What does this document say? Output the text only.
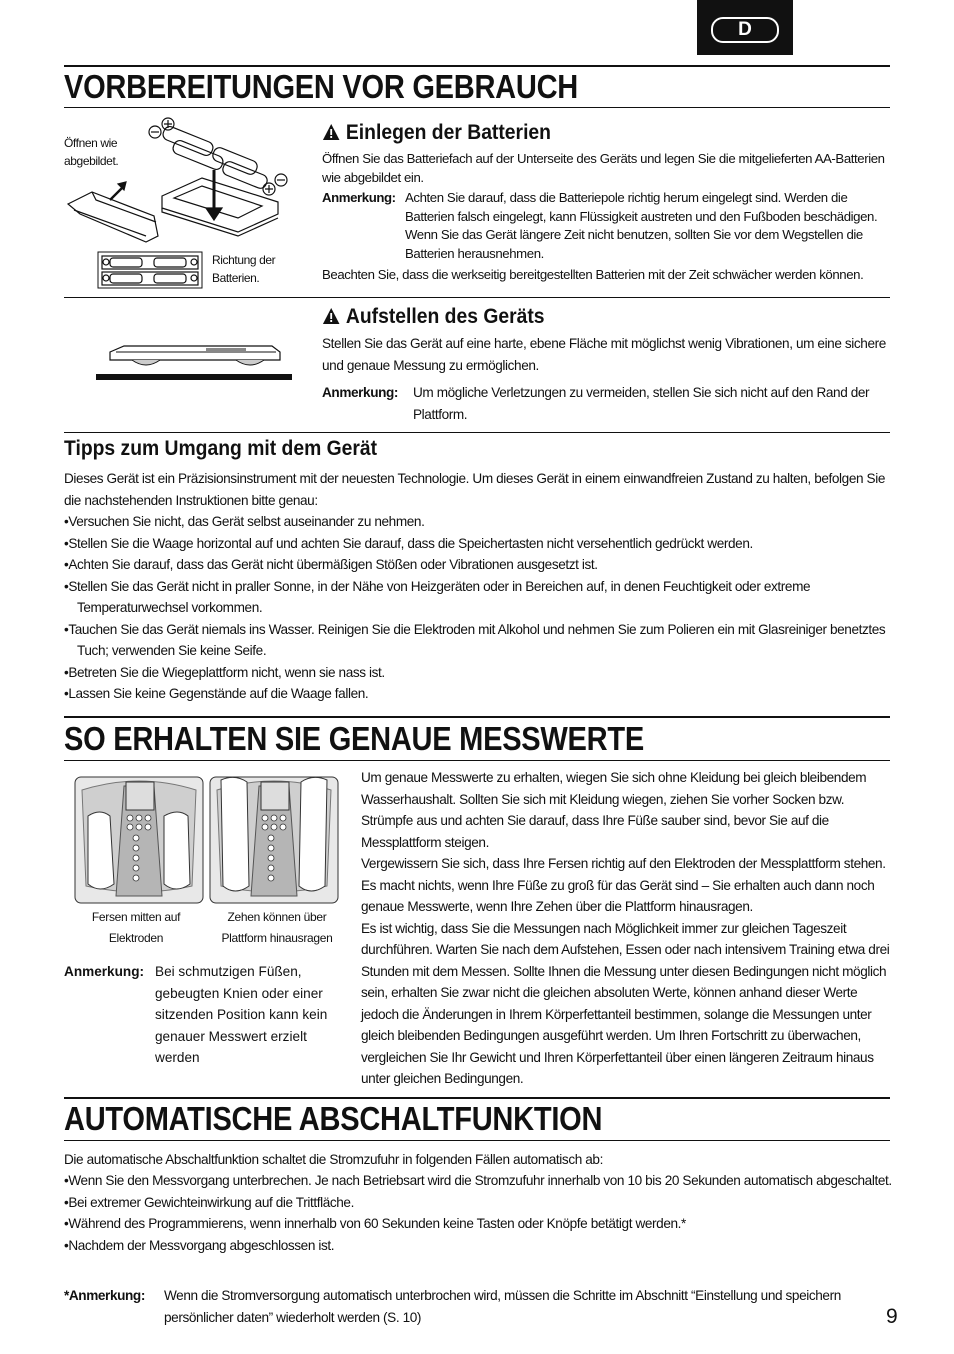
D
VORBEREITUNGEN VOR GEBRAUCH
Öffnen wie abgebildet.
Richtung der Batterien.
Einlegen der Batterien
Öffnen Sie das Batteriefach auf der Unterseite des Geräts und legen Sie die mitgelieferten AA-Batterien wie abgebildet ein.
Anmerkung: Achten Sie darauf, dass die Batteriepole richtig herum eingelegt sind. Werden die Batterien falsch eingelegt, kann Flüssigkeit austreten und den Fußboden beschädigen. Wenn Sie das Gerät längere Zeit nicht benutzen, sollten Sie vor dem Wegstellen die Batterien herausnehmen.
Beachten Sie, dass die werkseitig bereitgestellten Batterien mit der Zeit schwächer werden können.
Aufstellen des Geräts
Stellen Sie das Gerät auf eine harte, ebene Fläche mit möglichst wenig Vibrationen, um eine sichere und genaue Messung zu ermöglichen.
Anmerkung: Um mögliche Verletzungen zu vermeiden, stellen Sie sich nicht auf den Rand der Plattform.
Tipps zum Umgang mit dem Gerät
Dieses Gerät ist ein Präzisionsinstrument mit der neuesten Technologie. Um dieses Gerät in einem einwandfreien Zustand zu halten, befolgen Sie die nachstehenden Instruktionen bitte genau:
• Versuchen Sie nicht, das Gerät selbst auseinander zu nehmen.
• Stellen Sie die Waage horizontal auf und achten Sie darauf, dass die Speichertasten nicht versehentlich gedrückt werden.
• Achten Sie darauf, dass das Gerät nicht übermäßigen Stößen oder Vibrationen ausgesetzt ist.
• Stellen Sie das Gerät nicht in praller Sonne, in der Nähe von Heizgeräten oder in Bereichen auf, in denen Feuchtigkeit oder extreme Temperaturwechsel vorkommen.
• Tauchen Sie das Gerät niemals ins Wasser. Reinigen Sie die Elektroden mit Alkohol und nehmen Sie zum Polieren ein mit Glasreiniger benetztes Tuch; verwenden Sie keine Seife.
• Betreten Sie die Wiegeplattform nicht, wenn sie nass ist.
• Lassen Sie keine Gegenstände auf die Waage fallen.
SO ERHALTEN SIE GENAUE MESSWERTE
Fersen mitten auf Elektroden
Zehen können über Plattform hinausragen
Anmerkung: Bei schmutzigen Füßen, gebeugten Knien oder einer sitzenden Position kann kein genauer Messwert erzielt werden
Um genaue Messwerte zu erhalten, wiegen Sie sich ohne Kleidung bei gleich bleibendem Wasserhaushalt. Sollten Sie sich mit Kleidung wiegen, ziehen Sie vorher Socken bzw. Strümpfe aus und achten Sie darauf, dass Ihre Füße sauber sind, bevor Sie auf die Messplattform steigen.
Vergewissern Sie sich, dass Ihre Fersen richtig auf den Elektroden der Messplattform stehen. Es macht nichts, wenn Ihre Füße zu groß für das Gerät sind – Sie erhalten auch dann noch genaue Messwerte, wenn Ihre Zehen über die Plattform hinausragen.
Es ist wichtig, dass Sie die Messungen nach Möglichkeit immer zur gleichen Tageszeit durchführen. Warten Sie nach dem Aufstehen, Essen oder nach intensivem Training etwa drei Stunden mit dem Messen. Sollte Ihnen die Messung unter diesen Bedingungen nicht möglich sein, erhalten Sie zwar nicht die gleichen absoluten Werte, können anhand dieser Werte jedoch die Änderungen in Ihrem Körperfettanteil bestimmen, solange die Messungen unter gleich bleibenden Bedingungen ausgeführt werden. Um Ihren Fortschritt zu überwachen, vergleichen Sie Ihr Gewicht und Ihren Körperfettanteil über einen längeren Zeitraum hinaus unter gleichen Bedingungen.
AUTOMATISCHE ABSCHALTFUNKTION
Die automatische Abschaltfunktion schaltet die Stromzufuhr in folgenden Fällen automatisch ab:
• Wenn Sie den Messvorgang unterbrechen. Je nach Betriebsart wird die Stromzufuhr innerhalb von 10 bis 20 Sekunden automatisch abgeschaltet.
• Bei extremer Gewichteinwirkung auf die Trittfläche.
• Während des Programmierens, wenn innerhalb von 60 Sekunden keine Tasten oder Knöpfe betätigt werden.*
• Nachdem der Messvorgang abgeschlossen ist.
*Anmerkung: Wenn die Stromversorgung automatisch unterbrochen wird, müssen die Schritte im Abschnitt “Einstellung und speichern persönlicher daten” wiederholt werden (S. 10)	9
